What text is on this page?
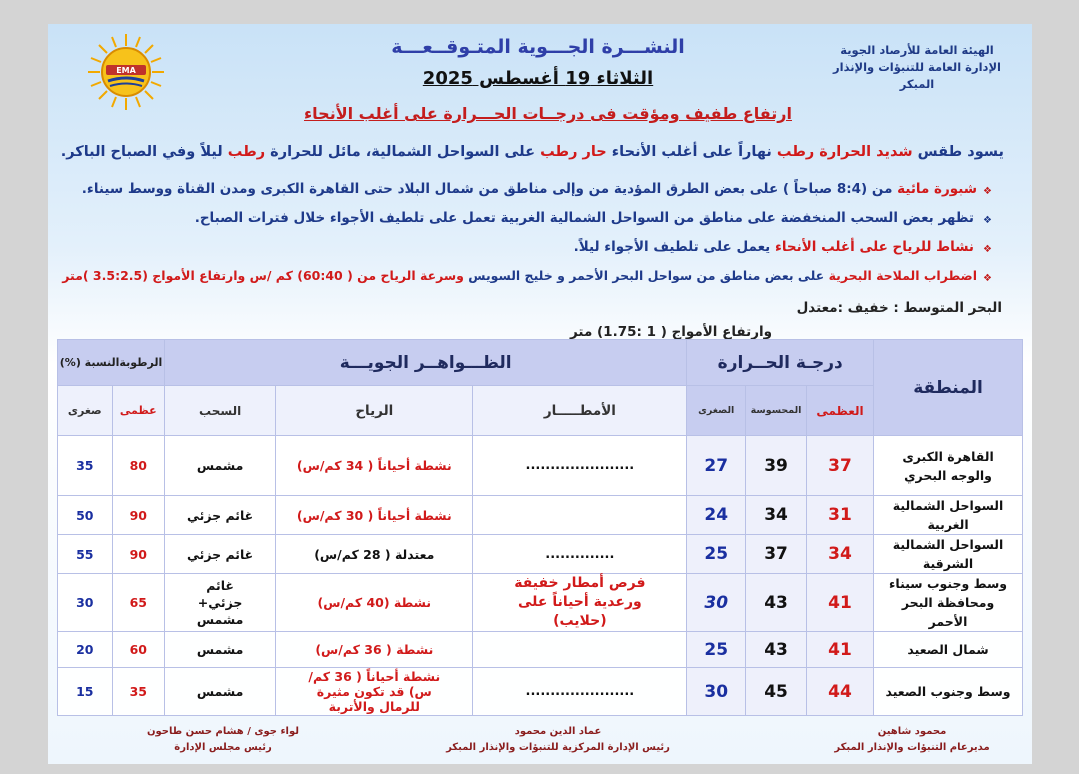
الهيئة العامة للأرصاد الجوية
الإدارة العامة للتنبؤات والإنذار المبكر
EMA
النشـــرة الجـــوية المتـوقــعـــة
الثلاثاء 19 أغسطس 2025
ارتفاع طفيف ومؤقت فى درجــات الحـــرارة على أغلب الأنحاء
يسود طقس شديد الحرارة رطب نهاراً على أغلب الأنحاء حار رطب على السواحل الشمالية، مائل للحرارة رطب ليلاً وفي الصباح الباكر.
❖
شبورة مائية من (8:4 صباحاً ) على بعض الطرق المؤدية من وإلى مناطق من شمال البلاد حتى القاهرة الكبرى ومدن القناة ووسط سيناء.
❖
تظهر بعض السحب المنخفضة على مناطق من السواحل الشمالية الغربية تعمل على تلطيف الأجواء خلال فترات الصباح.
❖
نشاط للرياح على أغلب الأنحاء يعمل على تلطيف الأجواء ليلاً.
❖
اضطراب الملاحة البحرية على بعض مناطق من سواحل البحر الأحمر و خليج السويس وسرعة الرياح من ( 60:40) كم /س وارتفاع الأمواج (3.5:2.5 )متر
البحر المتوسط : خفيف :معتدل
وارتفاع الأمواج ( 1 :1.75) متر
المنطقة	درجـة الحــرارة			الظـــواهــر الجويـــة			الرطوبةالنسبة (%)	
	العظمى	المحسوسة	الصغرى	الأمطـــــار	الرياح	السحب	عظمى	صغرى
القاهرة الكبرى والوجه البحري	37	39	27	......................	نشطة أحياناً ( 34 كم/س)	مشمس	80	35
السواحل الشمالية الغربية	31	34	24		نشطة أحياناً ( 30 كم/س)	غائم جزئي	90	50
السواحل الشمالية الشرقية	34	37	25	..............	معتدلة ( 28 كم/س)	غائم جزئي	90	55
وسط وجنوب سيناء ومحافظة البحر الأحمر	41	43	30	فرص أمطار خفيفة ورعدية أحياناً على (حلايب)	نشطة (40 كم/س)	غائم جزئي+ مشمس	65	30
شمال الصعيد	41	43	25		نشطة ( 36 كم/س)	مشمس	60	20
وسط وجنوب الصعيد	44	45	30	......................	نشطة أحياناً ( 36 كم/س) قد تكون مثيرة للرمال والأتربة	مشمس	35	15
محمود شاهين
مديرعام التنبؤات والإنذار المبكر
عماد الدين محمود
رئيس الإدارة المركزية للتنبؤات والإنذار المبكر
لواء جوى / هشام حسن طاحون
رئيس مجلس الإدارة
